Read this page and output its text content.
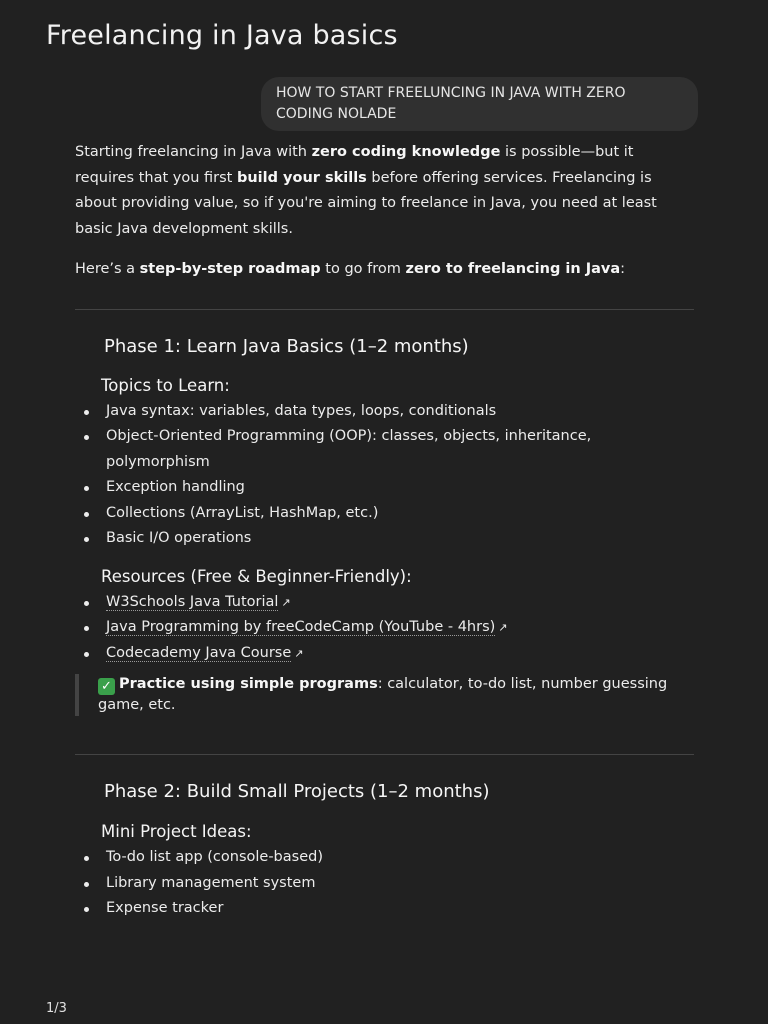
Freelancing in Java basics
HOW TO START FREELUNCING IN JAVA WITH ZERO CODING NOLADE

Starting freelancing in Java with zero coding knowledge is possible—but it requires that you first build your skills before offering services. Freelancing is about providing value, so if you're aiming to freelance in Java, you need at least basic Java development skills.

Here’s a step-by-step roadmap to go from zero to freelancing in Java:

Phase 1: Learn Java Basics (1–2 months)
Topics to Learn:
Java syntax: variables, data types, loops, conditionals
Object-Oriented Programming (OOP): classes, objects, inheritance, polymorphism
Exception handling
Collections (ArrayList, HashMap, etc.)
Basic I/O operations
Resources (Free & Beginner-Friendly):
W3Schools Java Tutorial ↗
Java Programming by freeCodeCamp (YouTube - 4hrs) ↗
Codecademy Java Course ↗
✓ Practice using simple programs: calculator, to-do list, number guessing game, etc.
Phase 2: Build Small Projects (1–2 months)
Mini Project Ideas:
To-do list app (console-based)
Library management system
Expense tracker
1/3
